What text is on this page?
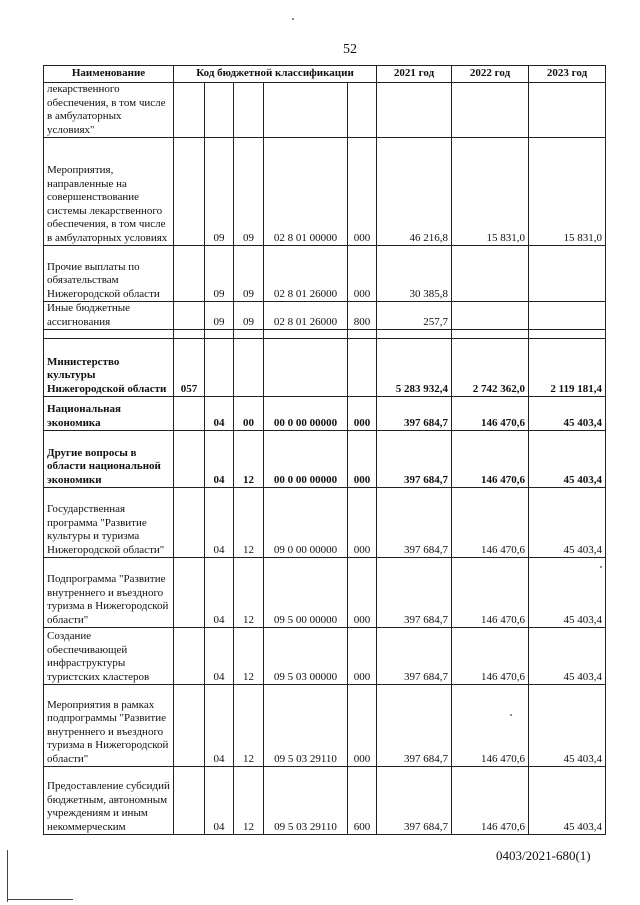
52
Наименование	Код бюджетной классификации					2021 год	2022 год	2023 год
лекарственного обеспечения, в том числе в амбулаторных условиях"								
Мероприятия, направленные на совершенствование системы лекарственного обеспечения, в том числе в амбулаторных условиях		09	09	02 8 01 00000	000	46 216,8	15 831,0	15 831,0
Прочие выплаты по обязательствам Нижегородской области		09	09	02 8 01 26000	000	30 385,8		
Иные бюджетные ассигнования		09	09	02 8 01 26000	800	257,7		

Министерство культуры Нижегородской области	057					5 283 932,4	2 742 362,0	2 119 181,4
Национальная экономика		04	00	00 0 00 00000	000	397 684,7	146 470,6	45 403,4
Другие вопросы в области национальной экономики		04	12	00 0 00 00000	000	397 684,7	146 470,6	45 403,4
Государственная программа "Развитие культуры и туризма Нижегородской области"		04	12	09 0 00 00000	000	397 684,7	146 470,6	45 403,4
Подпрограмма "Развитие внутреннего и въездного туризма в Нижегородской области"		04	12	09 5 00 00000	000	397 684,7	146 470,6	45 403,4
Создание обеспечивающей инфраструктуры туристских кластеров		04	12	09 5 03 00000	000	397 684,7	146 470,6	45 403,4
Мероприятия в рамках подпрограммы "Развитие внутреннего и въездного туризма в Нижегородской области"		04	12	09 5 03 29110	000	397 684,7	146 470,6	45 403,4
Предоставление субсидий бюджетным, автономным учреждениям и иным некоммерческим		04	12	09 5 03 29110	600	397 684,7	146 470,6	45 403,4
0403/2021-680(1)
